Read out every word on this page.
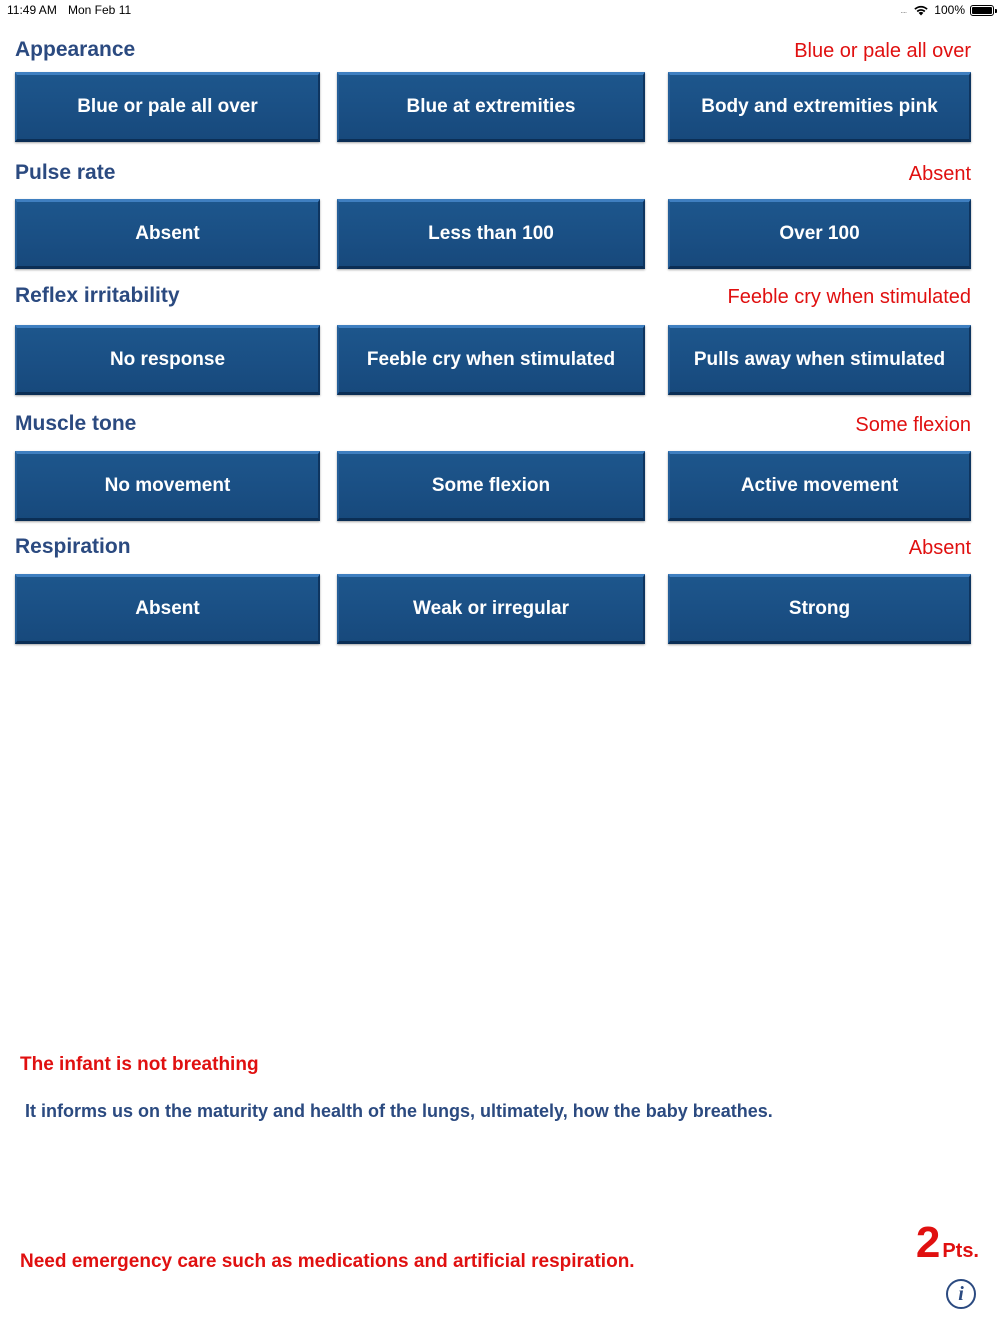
11:49 AM Mon Feb 11	.... 100%
Appearance	Blue or pale all over
Blue or pale all over	Blue at extremities	Body and extremities pink
Pulse rate	Absent
Absent	Less than 100	Over 100
Reflex irritability	Feeble cry when stimulated
No response	Feeble cry when stimulated	Pulls away when stimulated
Muscle tone	Some flexion
No movement	Some flexion	Active movement
Respiration	Absent
Absent	Weak or irregular	Strong
The infant is not breathing
It informs us on the maturity and health of the lungs, ultimately, how the baby breathes.
Need emergency care such as medications and artificial respiration.	2 Pts.
i
